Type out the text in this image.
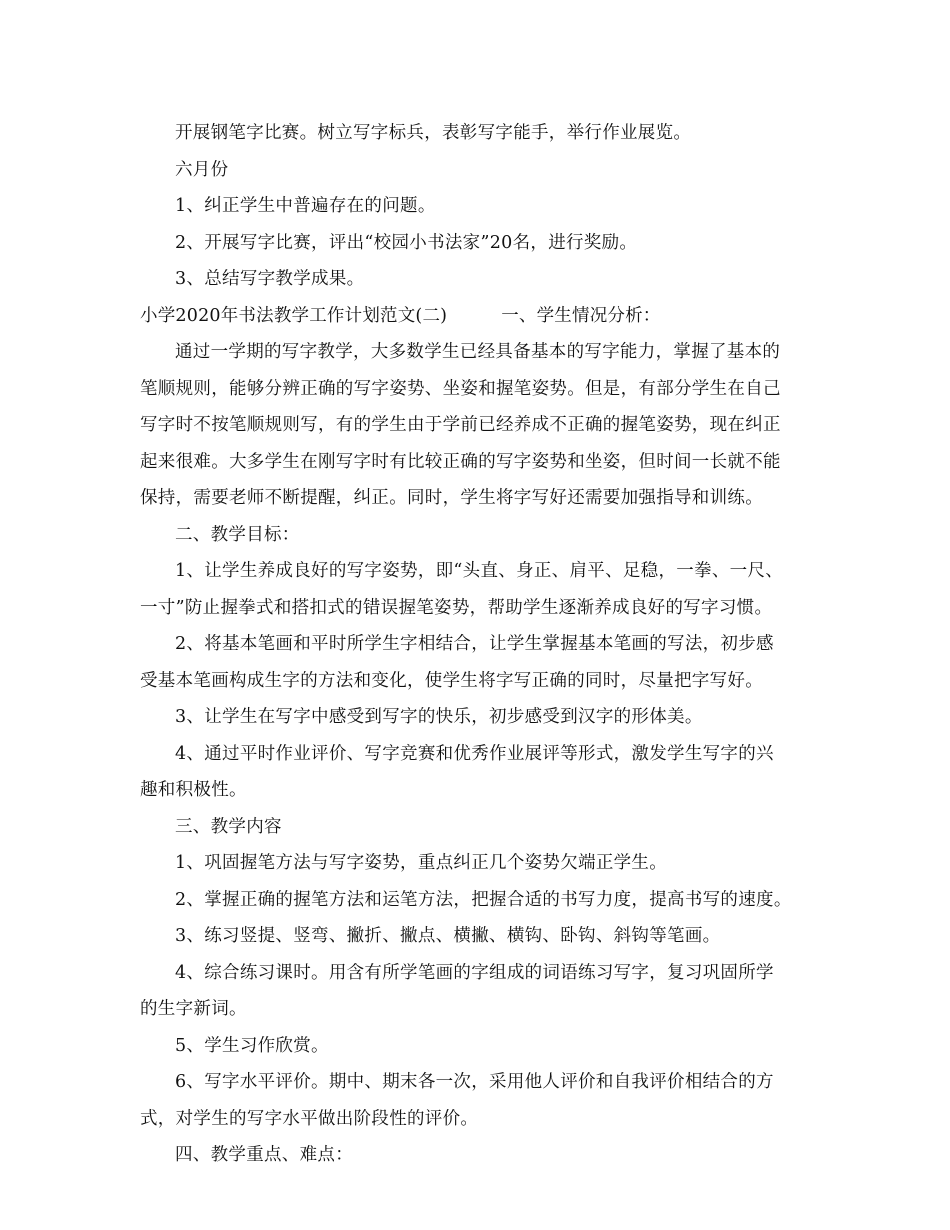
开展钢笔字比赛。树立写字标兵，表彰写字能手，举行作业展览。
六月份
1、纠正学生中普遍存在的问题。
2、开展写字比赛，评出“校园小书法家”20名，进行奖励。
3、总结写字教学成果。
小学2020年书法教学工作计划范文(二)	一、学生情况分析：
通过一学期的写字教学，大多数学生已经具备基本的写字能力，掌握了基本的
笔顺规则，能够分辨正确的写字姿势、坐姿和握笔姿势。但是，有部分学生在自己
写字时不按笔顺规则写，有的学生由于学前已经养成不正确的握笔姿势，现在纠正
起来很难。大多学生在刚写字时有比较正确的写字姿势和坐姿，但时间一长就不能
保持，需要老师不断提醒，纠正。同时，学生将字写好还需要加强指导和训练。
二、教学目标：
1、让学生养成良好的写字姿势，即“头直、身正、肩平、足稳，一拳、一尺、
一寸”防止握拳式和搭扣式的错误握笔姿势，帮助学生逐渐养成良好的写字习惯。
2、将基本笔画和平时所学生字相结合，让学生掌握基本笔画的写法，初步感
受基本笔画构成生字的方法和变化，使学生将字写正确的同时，尽量把字写好。
3、让学生在写字中感受到写字的快乐，初步感受到汉字的形体美。
4、通过平时作业评价、写字竞赛和优秀作业展评等形式，激发学生写字的兴
趣和积极性。
三、教学内容
1、巩固握笔方法与写字姿势，重点纠正几个姿势欠端正学生。
2、掌握正确的握笔方法和运笔方法，把握合适的书写力度，提高书写的速度。
3、练习竖提、竖弯、撇折、撇点、横撇、横钩、卧钩、斜钩等笔画。
4、综合练习课时。用含有所学笔画的字组成的词语练习写字，复习巩固所学
的生字新词。
5、学生习作欣赏。
6、写字水平评价。期中、期末各一次，采用他人评价和自我评价相结合的方
式，对学生的写字水平做出阶段性的评价。
四、教学重点、难点：
